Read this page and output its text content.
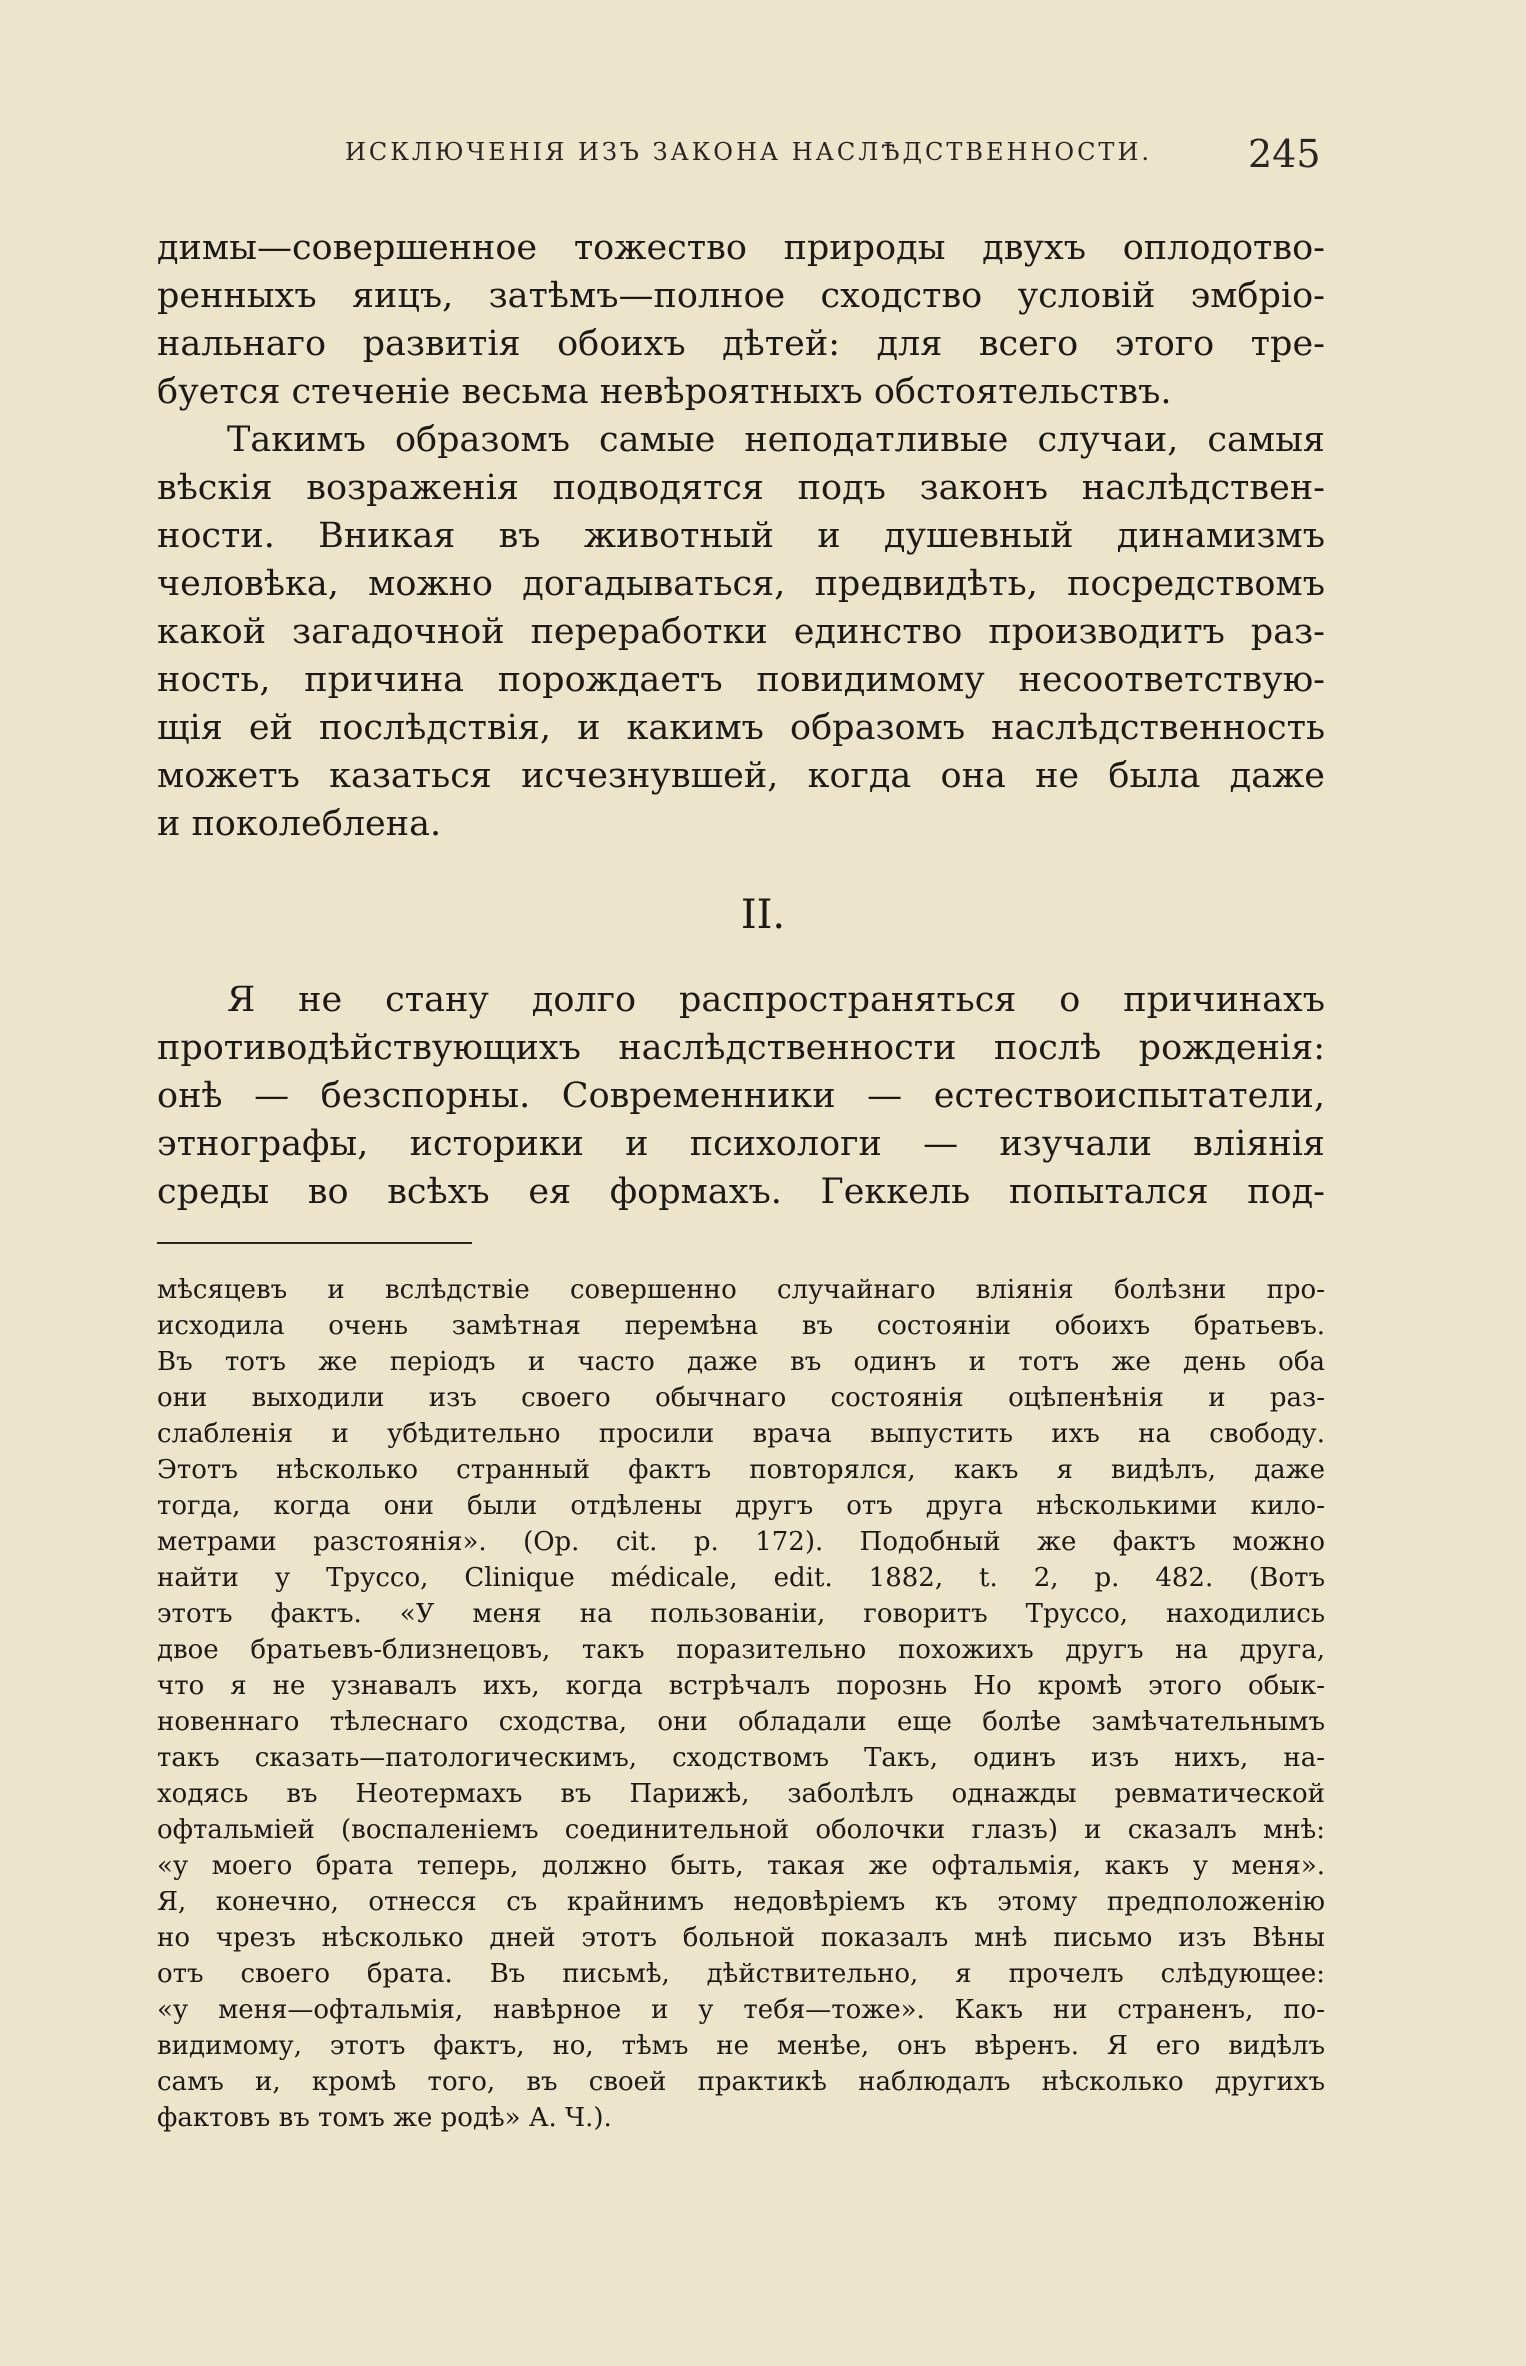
ИСКЛЮЧЕНІЯ ИЗЪ ЗАКОНА НАСЛѢДСТВЕННОСТИ.	245
димы—совершенное тожество природы двухъ оплодотво-
ренныхъ яицъ, затѣмъ—полное сходство условій эмбріо-
нальнаго развитія обоихъ дѣтей: для всего этого тре-
буется стеченіе весьма невѣроятныхъ обстоятельствъ.
Такимъ образомъ самые неподатливые случаи, самыя
вѣскія возраженія подводятся подъ законъ наслѣдствен-
ности. Вникая въ животный и душевный динамизмъ
человѣка, можно догадываться, предвидѣть, посредствомъ
какой загадочной переработки единство производитъ раз-
ность, причина порождаетъ повидимому несоответствую-
щія ей послѣдствія, и какимъ образомъ наслѣдственность
можетъ казаться исчезнувшей, когда она не была даже
и поколеблена.
II.
Я не стану долго распространяться о причинахъ
противодѣйствующихъ наслѣдственности послѣ рожденія:
онѣ — безспорны. Современники — естествоиспытатели,
этнографы, историки и психологи — изучали вліянія
среды во всѣхъ ея формахъ. Геккель попытался под-
мѣсяцевъ и вслѣдствіе совершенно случайнаго вліянія болѣзни про-
исходила очень замѣтная перемѣна въ состояніи обоихъ братьевъ.
Въ тотъ же періодъ и часто даже въ одинъ и тотъ же день оба
они выходили изъ своего обычнаго состоянія оцѣпенѣнія и раз-
слабленія и убѣдительно просили врача выпустить ихъ на свободу.
Этотъ нѣсколько странный фактъ повторялся, какъ я видѣлъ, даже
тогда, когда они были отдѣлены другъ отъ друга нѣсколькими кило-
метрами разстоянія». (Op. cit. p. 172). Подобный же фактъ можно
найти у Труссо, Clinique médicale, edit. 1882, t. 2, p. 482. (Вотъ
этотъ фактъ. «У меня на пользованіи, говоритъ Труссо, находились
двое братьевъ-близнецовъ, такъ поразительно похожихъ другъ на друга,
что я не узнавалъ ихъ, когда встрѣчалъ порознь Но кромѣ этого обык-
новеннаго тѣлеснаго сходства, они обладали еще болѣе замѣчательнымъ
такъ сказать—патологическимъ, сходствомъ Такъ, одинъ изъ нихъ, на-
ходясь въ Неотермахъ въ Парижѣ, заболѣлъ однажды ревматической
офтальміей (воспаленіемъ соединительной оболочки глазъ) и сказалъ мнѣ:
«у моего брата теперь, должно быть, такая же офтальмія, какъ у меня».
Я, конечно, отнесся съ крайнимъ недовѣріемъ къ этому предположенію
но чрезъ нѣсколько дней этотъ больной показалъ мнѣ письмо изъ Вѣны
отъ своего брата. Въ письмѣ, дѣйствительно, я прочелъ слѣдующее:
«у меня—офтальмія, навѣрное и у тебя—тоже». Какъ ни страненъ, по-
видимому, этотъ фактъ, но, тѣмъ не менѣе, онъ вѣренъ. Я его видѣлъ
самъ и, кромѣ того, въ своей практикѣ наблюдалъ нѣсколько другихъ
фактовъ въ томъ же родѣ» А. Ч.).
